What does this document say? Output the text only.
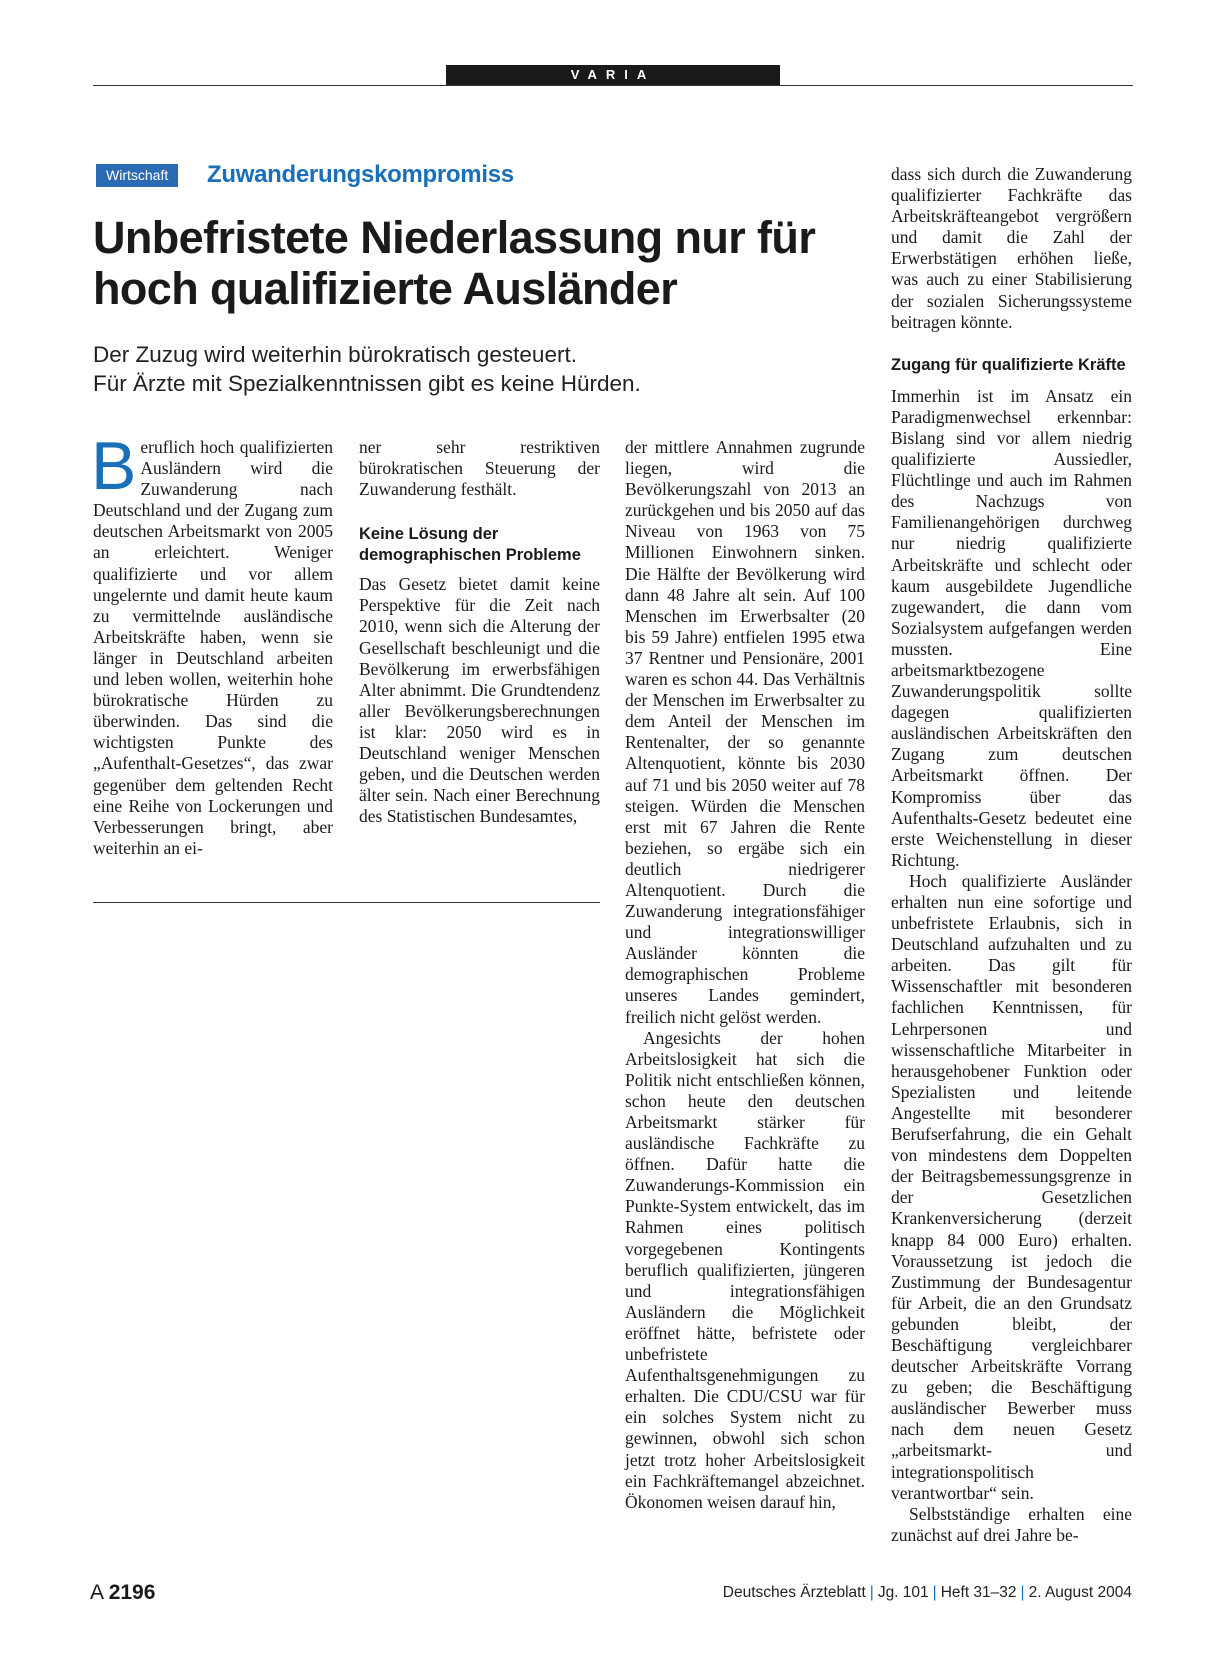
VARIA
Wirtschaft	Zuwanderungskompromiss
Unbefristete Niederlassung nur für
hoch qualifizierte Ausländer

Der Zuzug wird weiterhin bürokratisch gesteuert.
Für Ärzte mit Spezialkenntnissen gibt es keine Hürden.

Beruflich hoch qualifizierten Ausländern wird die Zuwanderung nach Deutschland und der Zugang zum deutschen Arbeitsmarkt von 2005 an erleichtert. Weniger qualifizierte und vor allem ungelernte und damit heute kaum zu vermittelnde ausländische Arbeitskräfte haben, wenn sie länger in Deutschland arbeiten und leben wollen, weiterhin hohe bürokratische Hürden zu überwinden. Das sind die wichtigsten Punkte des „Aufenthalt-Gesetzes“, das zwar gegenüber dem geltenden Recht eine Reihe von Lockerungen und Verbesserungen bringt, aber weiterhin an ei-

ner sehr restriktiven bürokratischen Steuerung der Zuwanderung festhält.

Keine Lösung der demographischen Probleme

Das Gesetz bietet damit keine Perspektive für die Zeit nach 2010, wenn sich die Alterung der Gesellschaft beschleunigt und die Bevölkerung im erwerbsfähigen Alter abnimmt. Die Grundtendenz aller Bevölkerungsberechnungen ist klar: 2050 wird es in Deutschland weniger Menschen geben, und die Deutschen werden älter sein. Nach einer Berechnung des Statistischen Bundesamtes,

der mittlere Annahmen zugrunde liegen, wird die Bevölkerungszahl von 2013 an zurückgehen und bis 2050 auf das Niveau von 1963 von 75 Millionen Einwohnern sinken. Die Hälfte der Bevölkerung wird dann 48 Jahre alt sein. Auf 100 Menschen im Erwerbsalter (20 bis 59 Jahre) entfielen 1995 etwa 37 Rentner und Pensionäre, 2001 waren es schon 44. Das Verhältnis der Menschen im Erwerbsalter zu dem Anteil der Menschen im Rentenalter, der so genannte Altenquotient, könnte bis 2030 auf 71 und bis 2050 weiter auf 78 steigen. Würden die Menschen erst mit 67 Jahren die Rente beziehen, so ergäbe sich ein deutlich niedrigerer Altenquotient. Durch die Zuwanderung integrationsfähiger und integrationswilliger Ausländer könnten die demographischen Probleme unseres Landes gemindert, freilich nicht gelöst werden.

Angesichts der hohen Arbeitslosigkeit hat sich die Politik nicht entschließen können, schon heute den deutschen Arbeitsmarkt stärker für ausländische Fachkräfte zu öffnen. Dafür hatte die Zuwanderungs-Kommission ein Punkte-System entwickelt, das im Rahmen eines politisch vorgegebenen Kontingents beruflich qualifizierten, jüngeren und integrationsfähigen Ausländern die Möglichkeit eröffnet hätte, befristete oder unbefristete Aufenthaltsgenehmigungen zu erhalten. Die CDU/CSU war für ein solches System nicht zu gewinnen, obwohl sich schon jetzt trotz hoher Arbeitslosigkeit ein Fachkräftemangel abzeichnet. Ökonomen weisen darauf hin,

dass sich durch die Zuwanderung qualifizierter Fachkräfte das Arbeitskräfteangebot vergrößern und damit die Zahl der Erwerbstätigen erhöhen ließe, was auch zu einer Stabilisierung der sozialen Sicherungssysteme beitragen könnte.

Zugang für qualifizierte Kräfte

Immerhin ist im Ansatz ein Paradigmenwechsel erkennbar: Bislang sind vor allem niedrig qualifizierte Aussiedler, Flüchtlinge und auch im Rahmen des Nachzugs von Familienangehörigen durchweg nur niedrig qualifizierte Arbeitskräfte und schlecht oder kaum ausgebildete Jugendliche zugewandert, die dann vom Sozialsystem aufgefangen werden mussten. Eine arbeitsmarktbezogene Zuwanderungspolitik sollte dagegen qualifizierten ausländischen Arbeitskräften den Zugang zum deutschen Arbeitsmarkt öffnen. Der Kompromiss über das Aufenthalts-Gesetz bedeutet eine erste Weichenstellung in dieser Richtung.

Hoch qualifizierte Ausländer erhalten nun eine sofortige und unbefristete Erlaubnis, sich in Deutschland aufzuhalten und zu arbeiten. Das gilt für Wissenschaftler mit besonderen fachlichen Kenntnissen, für Lehrpersonen und wissenschaftliche Mitarbeiter in herausgehobener Funktion oder Spezialisten und leitende Angestellte mit besonderer Berufserfahrung, die ein Gehalt von mindestens dem Doppelten der Beitragsbemessungsgrenze in der Gesetzlichen Krankenversicherung (derzeit knapp 84 000 Euro) erhalten. Voraussetzung ist jedoch die Zustimmung der Bundesagentur für Arbeit, die an den Grundsatz gebunden bleibt, der Beschäftigung vergleichbarer deutscher Arbeitskräfte Vorrang zu geben; die Beschäftigung ausländischer Bewerber muss nach dem neuen Gesetz „arbeitsmarkt- und integrationspolitisch verantwortbar“ sein.

Selbstständige erhalten eine zunächst auf drei Jahre be-

A 2196	Deutsches Ärzteblatt | Jg. 101 | Heft 31–32 | 2. August 2004
